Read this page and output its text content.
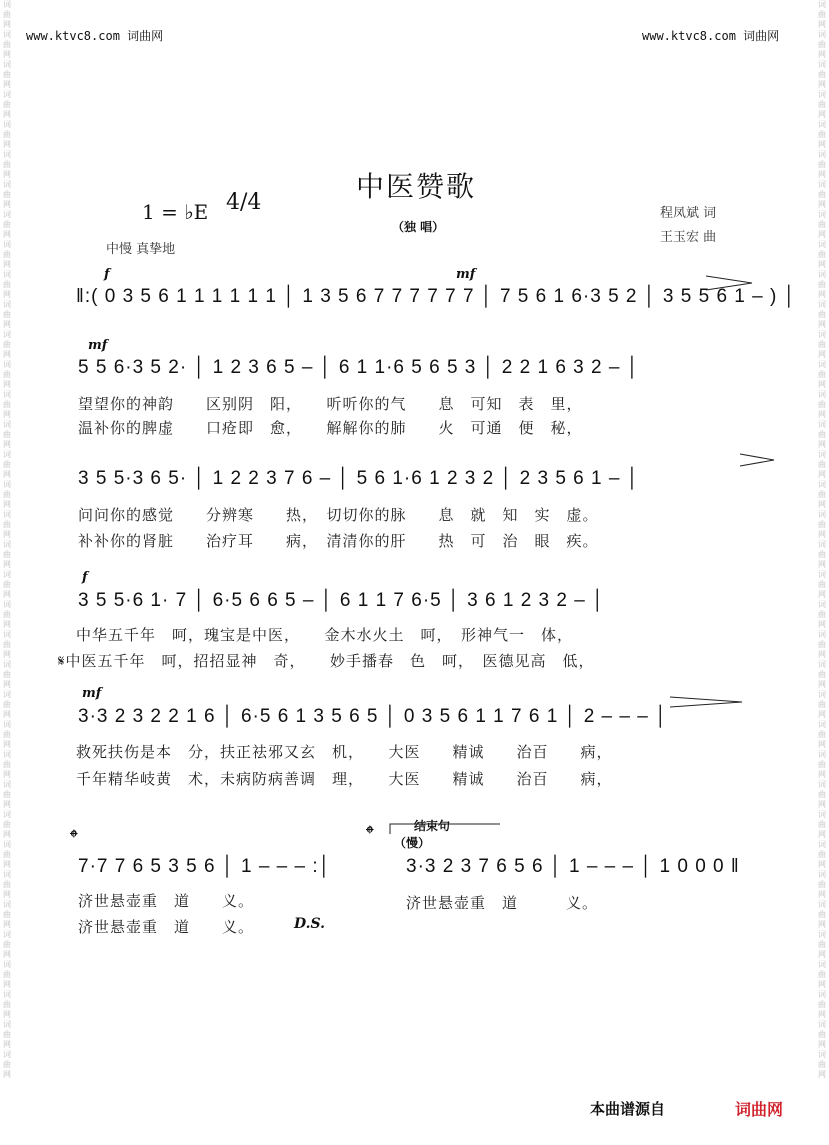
词曲网词曲网词曲网词曲网词曲网词曲网词曲网词曲网词曲网词曲网词曲网词曲网词曲网词曲网词曲网词曲网词曲网词曲网词曲网词曲网词曲网词曲网词曲网词曲网词曲网词曲网词曲网词曲网词曲网词曲网词曲网词曲网词曲网词曲网词曲网词曲网
词曲网词曲网词曲网词曲网词曲网词曲网词曲网词曲网词曲网词曲网词曲网词曲网词曲网词曲网词曲网词曲网词曲网词曲网词曲网词曲网词曲网词曲网词曲网词曲网词曲网词曲网词曲网词曲网词曲网词曲网词曲网词曲网词曲网词曲网词曲网词曲网
www.ktvc8.com 词曲网	www.ktvc8.com 词曲网
中医赞歌
（独 唱）
1 = ♭E 4/4
中慢 真挚地
程凤斌 词
王玉宏 曲
f	mf
‖:( 0 3 5 6 1 1 1 1 1 1 │ 1 3 5 6 7 7 7 7 7 7 │ 7 5 6 1 6·3 5 2 │ 3 5 5 6 1 – ) │
mf
5 5 6·3 5 2· │ 1 2 3 6 5 – │ 6 1 1·6 5 6 5 3 │ 2 2 1 6 3 2 – │
望望你的神韵　　区别阴　阳，　　听听你的气　　息　可知　表　里，
温补你的脾虚　　口疮即　愈，　　解解你的肺　　火　可通　便　秘，
3 5 5·3 6 5· │ 1 2 2 3 7 6 – │ 5 6 1·6 1 2 3 2 │ 2 3 5 6 1 – │
问问你的感觉　　分辨寒　　热，　切切你的脉　　息　就　知　实　虚。
补补你的肾脏　　治疗耳　　病，　清清你的肝　　热　可　治　眼　疾。
f
3 5 5·6 1· 7 │ 6·5 6 6 5 – │ 6 1 1 7 6·5 │ 3 6 1 2 3 2 – │
中华五千年　呵，瑰宝是中医，　　金木水火土　呵，　形神气一　体，
𝄋中医五千年　呵，招招显神　奇，　　妙手播春　色　呵，　医德见高　低，
mf
3·3 2 3 2 2 1 6 │ 6·5 6 1 3 5 6 5 │ 0 3 5 6 1 1 7 6 1 │ 2 – – – │
救死扶伤是本　分，扶正祛邪又玄　机，　　大医　　精诚　　治百　　病，
千年精华岐黄　术，未病防病善调　理，　　大医　　精诚　　治百　　病，
𝄌	𝄌	结束句
（慢）
7·7 7 6 5 3 5 6 │ 1 – – – :│	3·3 2 3 7 6 5 6 │ 1 – – – │ 1 0 0 0 ‖
济世悬壶重　道　　义。
济世悬壶重　道　　义。	D.S.
济世悬壶重　道　　　义。
本曲谱源自	词曲网
